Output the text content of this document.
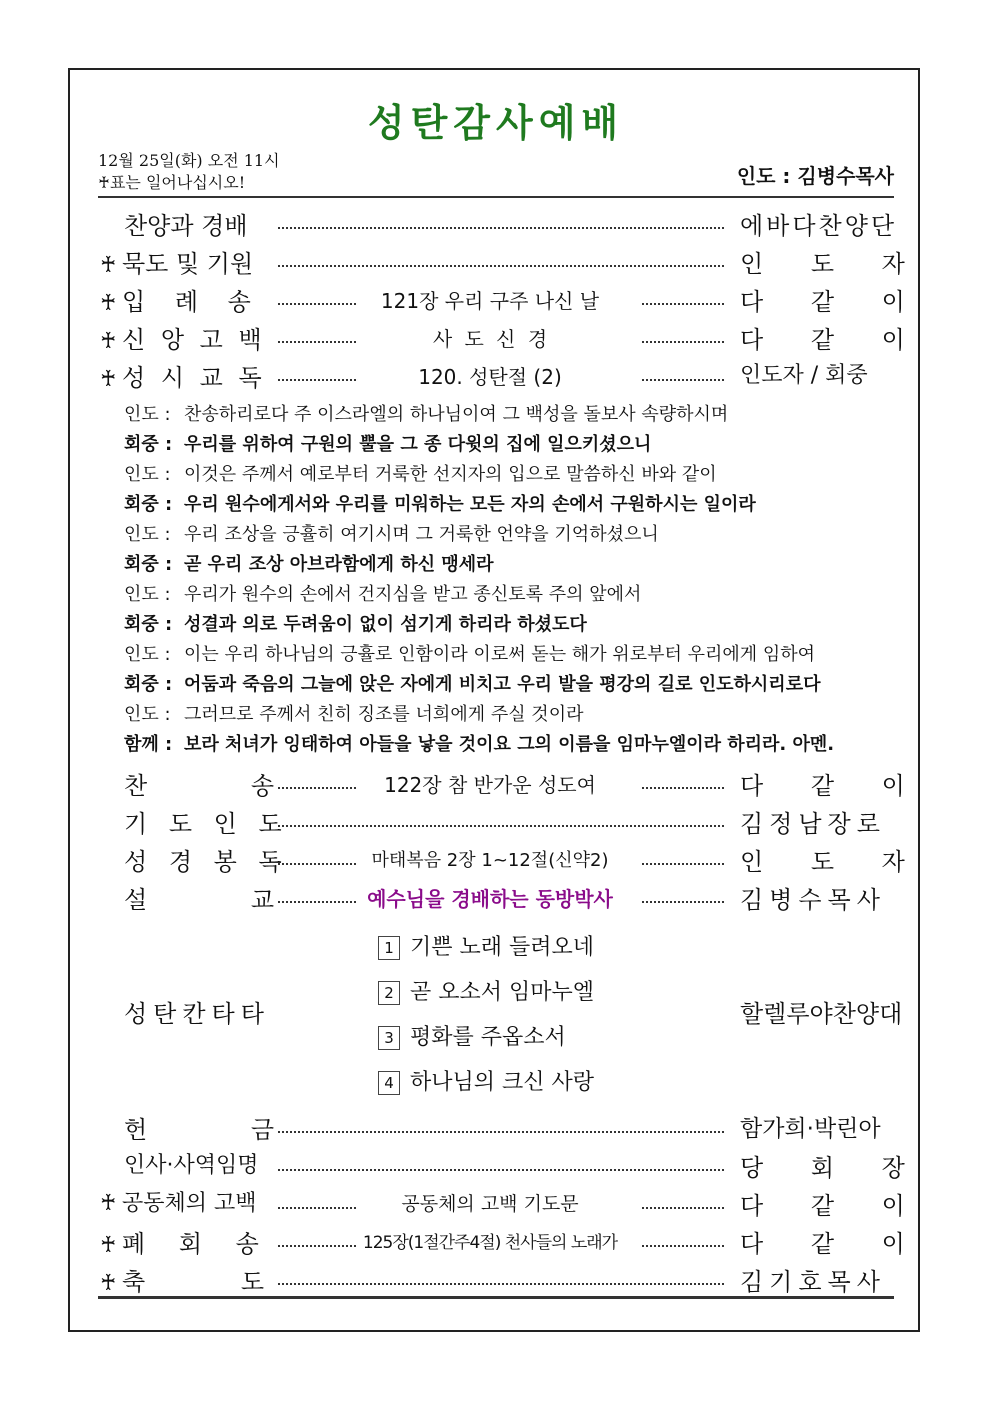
성탄감사예배
12월 25일(화) 오전 11시
♰표는 일어나십시오!	인도 : 김병수목사
찬양과 경배	에바다찬양단
♰ 묵도 및 기원	인 도 자
♰ 입 례 송	121장 우리 구주 나신 날	다 같 이
♰ 신 앙 고 백	사 도 신 경	다 같 이
♰ 성 시 교 독	120. 성탄절 (2)	인도자 / 회중
인도 : 찬송하리로다 주 이스라엘의 하나님이여 그 백성을 돌보사 속량하시며
회중 : 우리를 위하여 구원의 뿔을 그 종 다윗의 집에 일으키셨으니
인도 : 이것은 주께서 예로부터 거룩한 선지자의 입으로 말씀하신 바와 같이
회중 : 우리 원수에게서와 우리를 미워하는 모든 자의 손에서 구원하시는 일이라
인도 : 우리 조상을 긍휼히 여기시며 그 거룩한 언약을 기억하셨으니
회중 : 곧 우리 조상 아브라함에게 하신 맹세라
인도 : 우리가 원수의 손에서 건지심을 받고 종신토록 주의 앞에서
회중 : 성결과 의로 두려움이 없이 섬기게 하리라 하셨도다
인도 : 이는 우리 하나님의 긍휼로 인함이라 이로써 돋는 해가 위로부터 우리에게 임하여
회중 : 어둠과 죽음의 그늘에 앉은 자에게 비치고 우리 발을 평강의 길로 인도하시리로다
인도 : 그러므로 주께서 친히 징조를 너희에게 주실 것이라
함께 : 보라 처녀가 잉태하여 아들을 낳을 것이요 그의 이름을 임마누엘이라 하리라. 아멘.
찬 송	122장 참 반가운 성도여	다 같 이
기 도 인 도	김정남장로
성 경 봉 독	마태복음 2장 1~12절(신약2)	인 도 자
설 교	예수님을 경배하는 동방박사	김병수목사
성탄칸타타	할렐루야찬양대
1 기쁜 노래 들려오네
2 곧 오소서 임마누엘
3 평화를 주옵소서
4 하나님의 크신 사랑
헌 금	함가희·박린아
인사·사역임명	당 회 장
♰ 공동체의 고백	공동체의 고백 기도문	다 같 이
♰ 폐 회 송	125장(1절간주4절) 천사들의 노래가	다 같 이
♰ 축 도	김기호목사
